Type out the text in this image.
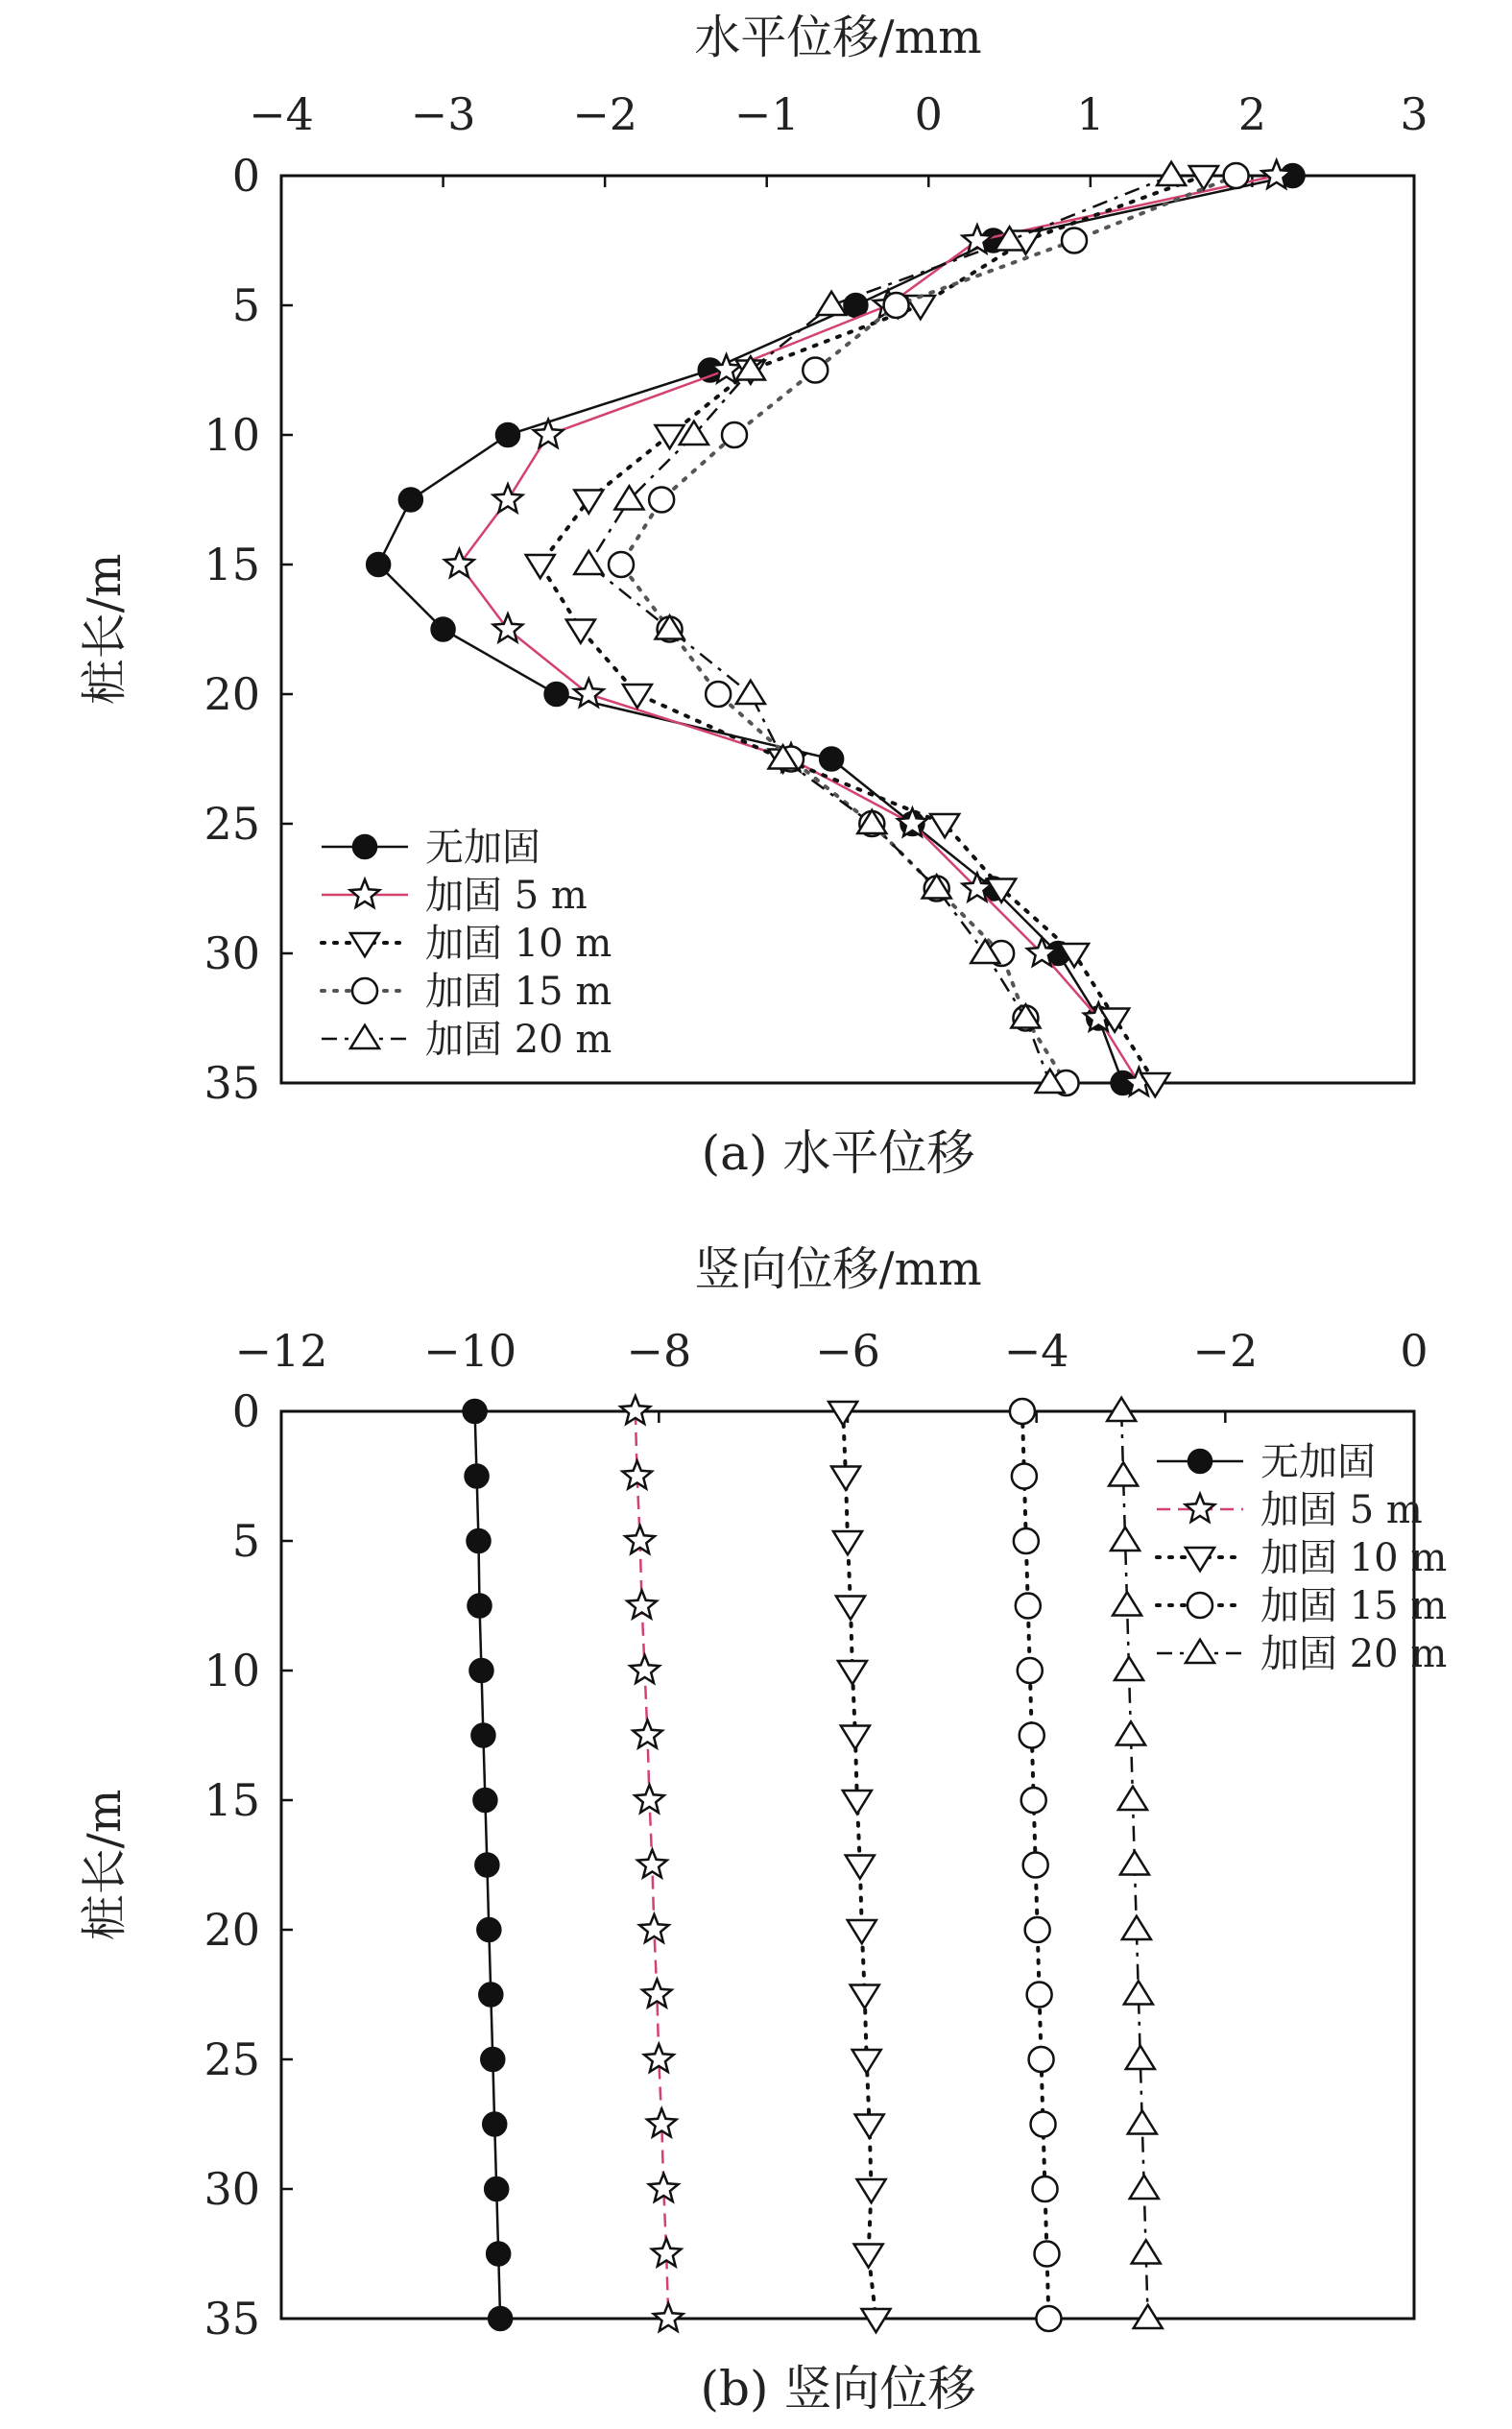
−4 −3 −2 −1	0	1	2	3
0
5
10
15
20
25
30
35
水平位移/mm
桩长/m
(a) 水平位移
无加固
加固 5 m
加固 10 m
加固 15 m
加固 20 m
−12 −10 −8	−6	−4	−2	0
0
5
10
15
20
25
30
35
竖向位移/mm
桩长/m
(b) 竖向位移
无加固
加固 5 m
加固 10 m
加固 15 m
加固 20 m
